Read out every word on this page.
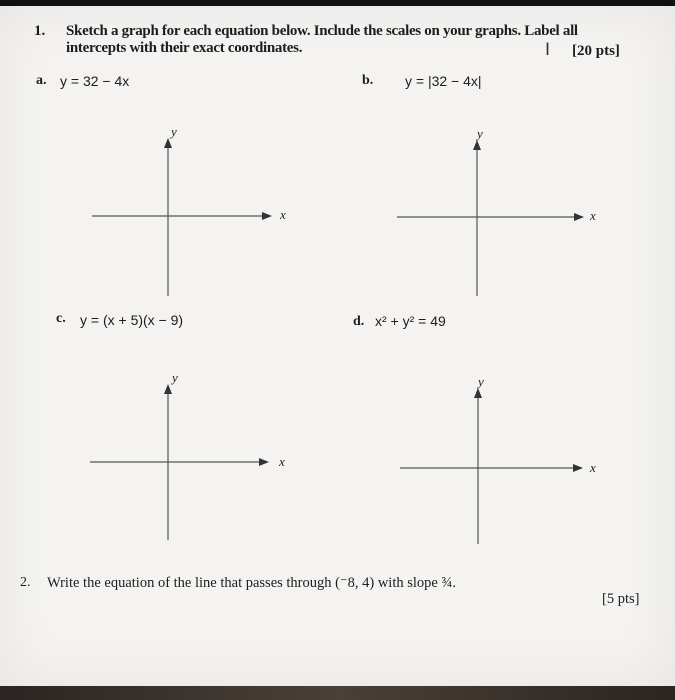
1. Sketch a graph for each equation below. Include the scales on your graphs. Label all
intercepts with their exact coordinates.	I [20 pts]
a. y = 32 − 4x	b. y = |32 − 4x|
y
x
y
x
c. y = (x + 5)(x − 9)	d. x² + y² = 49
y
x
y
x
2. Write the equation of the line that passes through (⁻8, 4) with slope ¾.
[5 pts]
